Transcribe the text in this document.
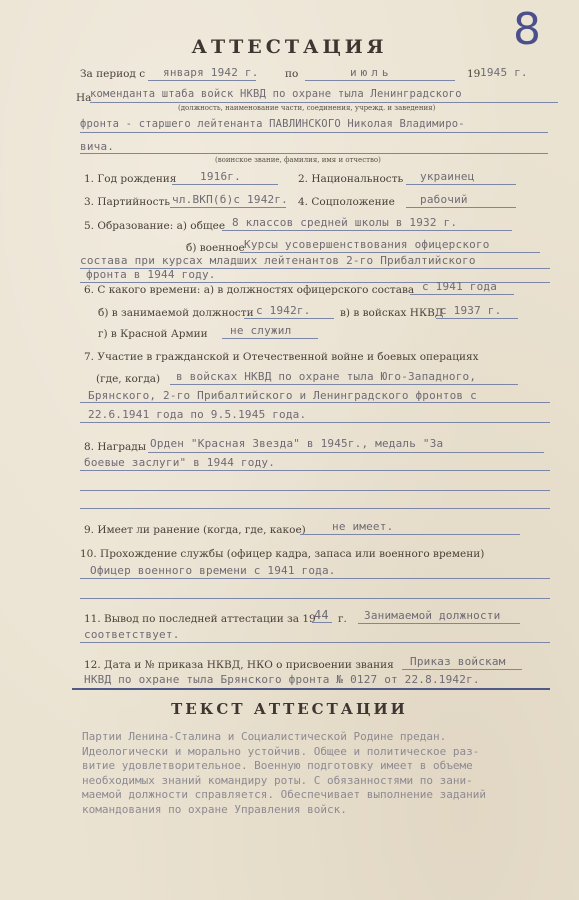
8
АТТЕСТАЦИЯ
За период с января 1942 г.	по	июль	19 1945 г.
На
коменданта штаба войск НКВД по охране тыла Ленинградского
(должность, наименование части, соединения, учрежд. и заведения)
фронта - старшего лейтенанта ПАВЛИНСКОГО Николая Владимиро-
вича.
(воинское звание, фамилия, имя и отчество)
1. Год рождения 1916г.	2. Национальность украинец
3. Партийность чл.ВКП(б)с 1942г. 4. Соцположение рабочий
5. Образование: а) общее 8 классов средней школы в 1932 г.
б) военное Курсы усовершенствования офицерского
состава при курсах младших лейтенантов 2-го Прибалтийского
фронта в 1944 году.
6. С какого времени: а) в должностях офицерского состава с 1941 года
б) в занимаемой должности с 1942г.	в) в войсках НКВД
с 1937 г.
г) в Красной Армии не служил
7. Участие в гражданской и Отечественной войне и боевых операциях
(где, когда) в войсках НКВД по охране тыла Юго-Западного,
Брянского, 2-го Прибалтийского и Ленинградского фронтов с
22.6.1941 года по 9.5.1945 года.
8. Награды Орден "Красная Звезда" в 1945г., медаль "За
боевые заслуги" в 1944 году.
9. Имеет ли ранение (когда, где, какое) не имеет.
10. Прохождение службы (офицер кадра, запаса или военного времени)
Офицер военного времени с 1941 года.
11. Вывод по последней аттестации за 19
44 г. Занимаемой должности
соответствует.
12. Дата и № приказа НКВД, НКО о присвоении звания Приказ войскам
НКВД по охране тыла Брянского фронта № 0127 от 22.8.1942г.
ТЕКСТ АТТЕСТАЦИИ
Партии Ленина-Сталина и Социалистической Родине предан.
Идеологически и морально устойчив. Общее и политическое раз-
витие удовлетворительное. Военную подготовку имеет в объеме
необходимых знаний командиру роты. С обязанностями по зани-
маемой должности справляется. Обеспечивает выполнение заданий
командования по охране Управления войск.
